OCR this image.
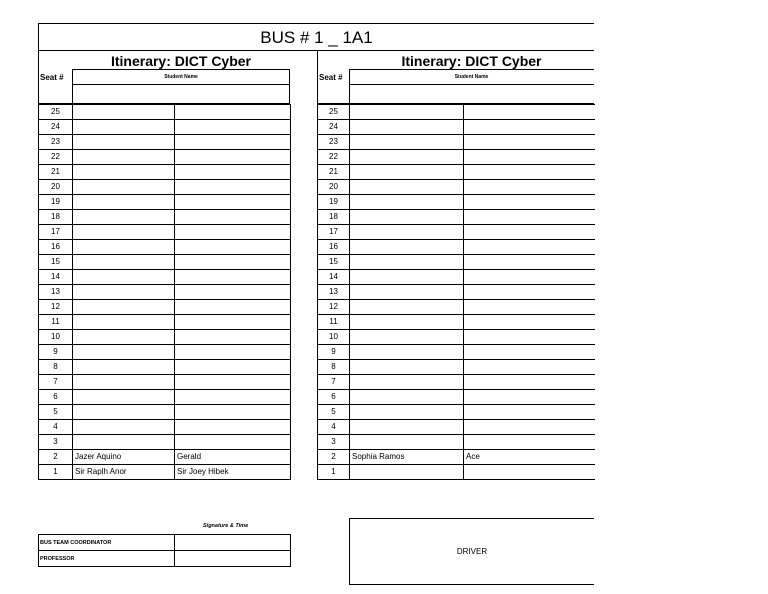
BUS # 1 _ 1A1
Itinerary: DICT Cyber
Seat #	Student Name
25		
24		
23		
22		
21		
20		
19		
18		
17		
16		
15		
14		
13		
12		
11		
10		
9		
8		
7		
6		
5		
4		
3		
2	Jazer Aquino	Gerald
1	Sir Raplh Anor	Sir Joey Hibek
Itinerary: DICT Cyber
Seat #	Student Name
25		
24		
23		
22		
21		
20		
19		
18		
17		
16		
15		
14		
13		
12		
11		
10		
9		
8		
7		
6		
5		
4		
3		
2	Sophia Ramos	Ace
1		
Signature & Time
BUS TEAM COORDINATOR	
PROFESSOR	
DRIVER
